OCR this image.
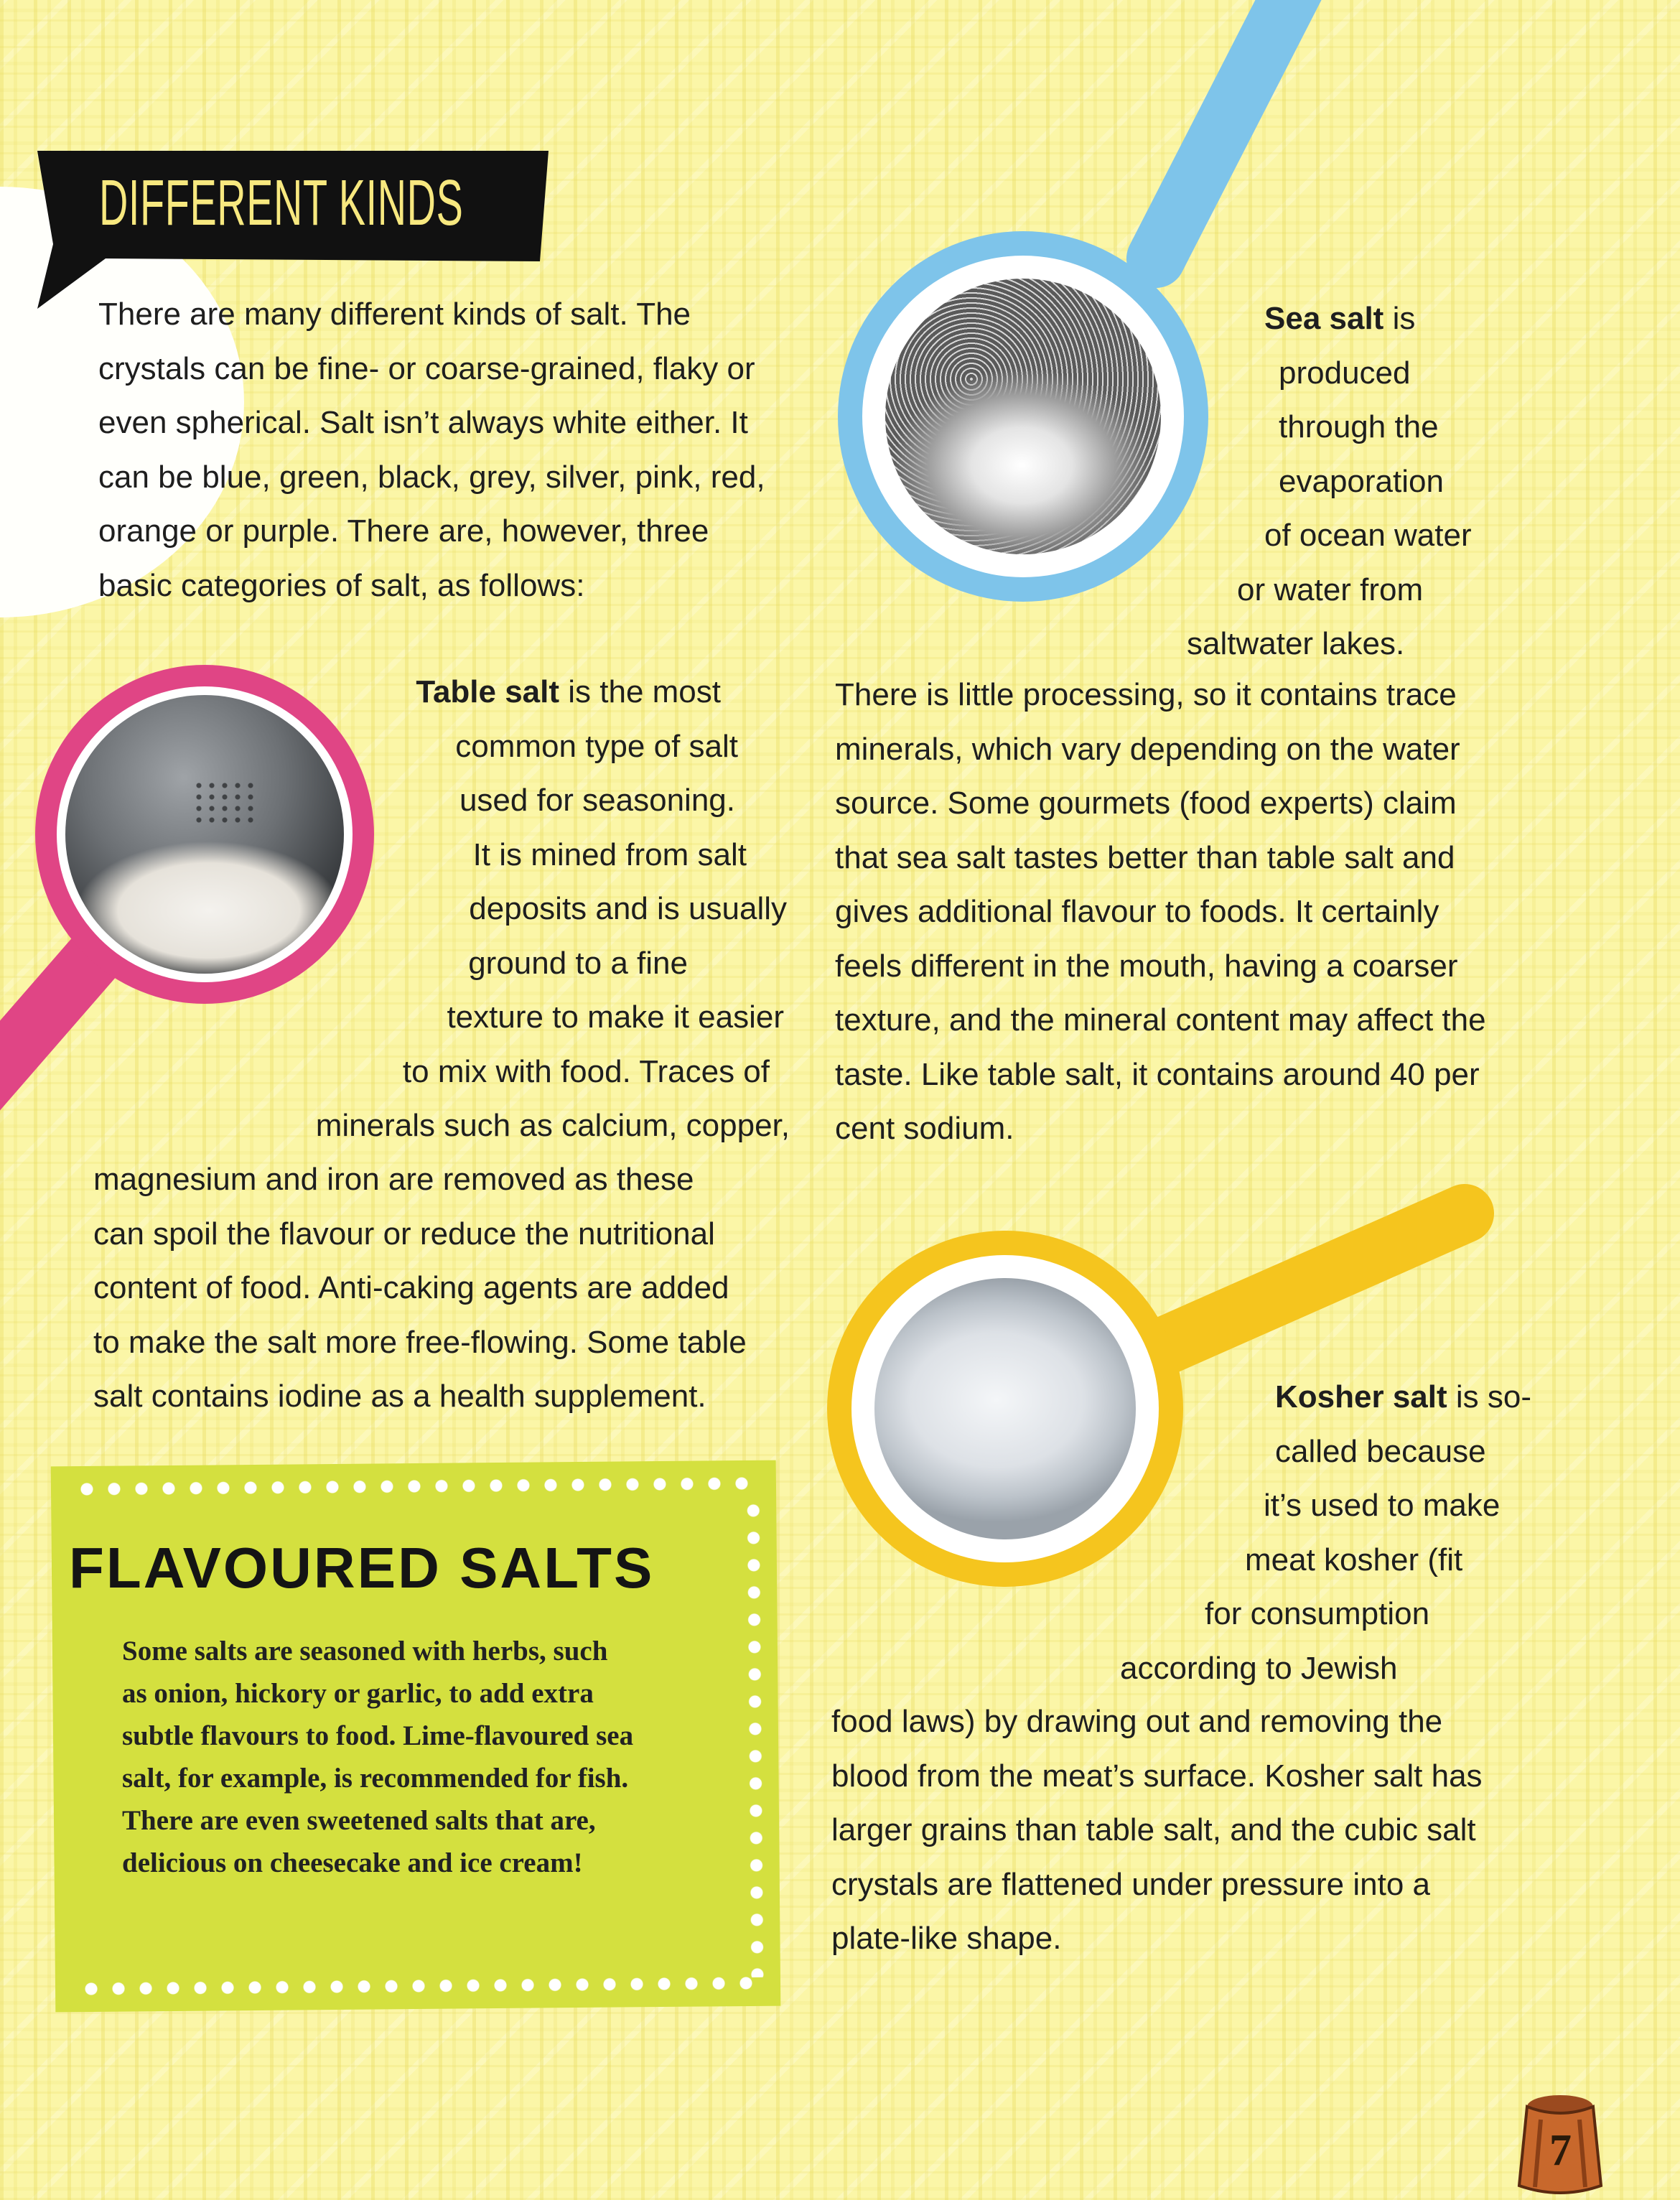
DIFFERENT KINDS
There are many different kinds of salt. The
crystals can be fine- or coarse-grained, flaky or
even spherical. Salt isn’t always white either. It
can be blue, green, black, grey, silver, pink, red,
orange or purple. There are, however, three
basic categories of salt, as follows:
Table salt is the most
common type of salt
used for seasoning.
It is mined from salt
deposits and is usually
ground to a fine
texture to make it easier
to mix with food. Traces of
minerals such as calcium, copper,
magnesium and iron are removed as these
can spoil the flavour or reduce the nutritional
content of food. Anti-caking agents are added
to make the salt more free-flowing. Some table
salt contains iodine as a health supplement.
Sea salt is
produced
through the
evaporation
of ocean water
or water from
saltwater lakes.
There is little processing, so it contains trace
minerals, which vary depending on the water
source. Some gourmets (food experts) claim
that sea salt tastes better than table salt and
gives additional flavour to foods. It certainly
feels different in the mouth, having a coarser
texture, and the mineral content may affect the
taste. Like table salt, it contains around 40 per
cent sodium.
Kosher salt is so-
called because
it’s used to make
meat kosher (fit
for consumption
according to Jewish
food laws) by drawing out and removing the
blood from the meat’s surface. Kosher salt has
larger grains than table salt, and the cubic salt
crystals are flattened under pressure into a
plate-like shape.
FLAVOURED SALTS
Some salts are seasoned with herbs, such
as onion, hickory or garlic, to add extra
subtle flavours to food. Lime-flavoured sea
salt, for example, is recommended for fish.
There are even sweetened salts that are,
delicious on cheesecake and ice cream!
7
